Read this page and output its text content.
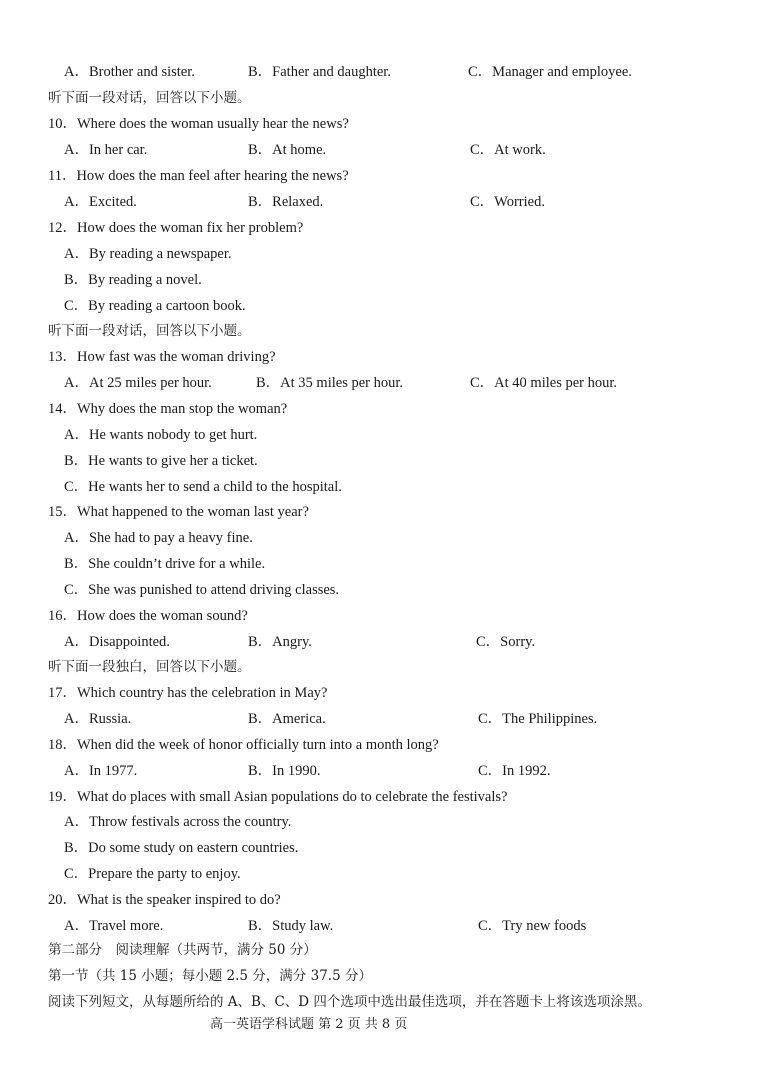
A．Brother and sister.	B．Father and daughter.	C．Manager and employee.
听下面一段对话，回答以下小题。
10．Where does the woman usually hear the news?
A．In her car.	B．At home.	C．At work.
11．How does the man feel after hearing the news?
A．Excited.	B．Relaxed.	C．Worried.
12．How does the woman fix her problem?
A．By reading a newspaper.
B．By reading a novel.
C．By reading a cartoon book.
听下面一段对话，回答以下小题。
13．How fast was the woman driving?
A．At 25 miles per hour.	B．At 35 miles per hour.	C．At 40 miles per hour.
14．Why does the man stop the woman?
A．He wants nobody to get hurt.
B．He wants to give her a ticket.
C．He wants her to send a child to the hospital.
15．What happened to the woman last year?
A．She had to pay a heavy fine.
B．She couldn’t drive for a while.
C．She was punished to attend driving classes.
16．How does the woman sound?
A．Disappointed.	B．Angry.	C．Sorry.
听下面一段独白，回答以下小题。
17．Which country has the celebration in May?
A．Russia.	B．America.	C．The Philippines.
18．When did the week of honor officially turn into a month long?
A．In 1977.	B．In 1990.	C．In 1992.
19．What do places with small Asian populations do to celebrate the festivals?
A．Throw festivals across the country.
B．Do some study on eastern countries.
C．Prepare the party to enjoy.
20．What is the speaker inspired to do?
A．Travel more.	B．Study law.	C．Try new foods
第二部分　阅读理解（共两节，满分 50 分）
第一节（共 15 小题；每小题 2.5 分，满分 37.5 分）
阅读下列短文，从每题所给的 A、B、C、D 四个选项中选出最佳选项，并在答题卡上将该选项涂黑。
高一英语学科试题 第 2 页 共 8 页
